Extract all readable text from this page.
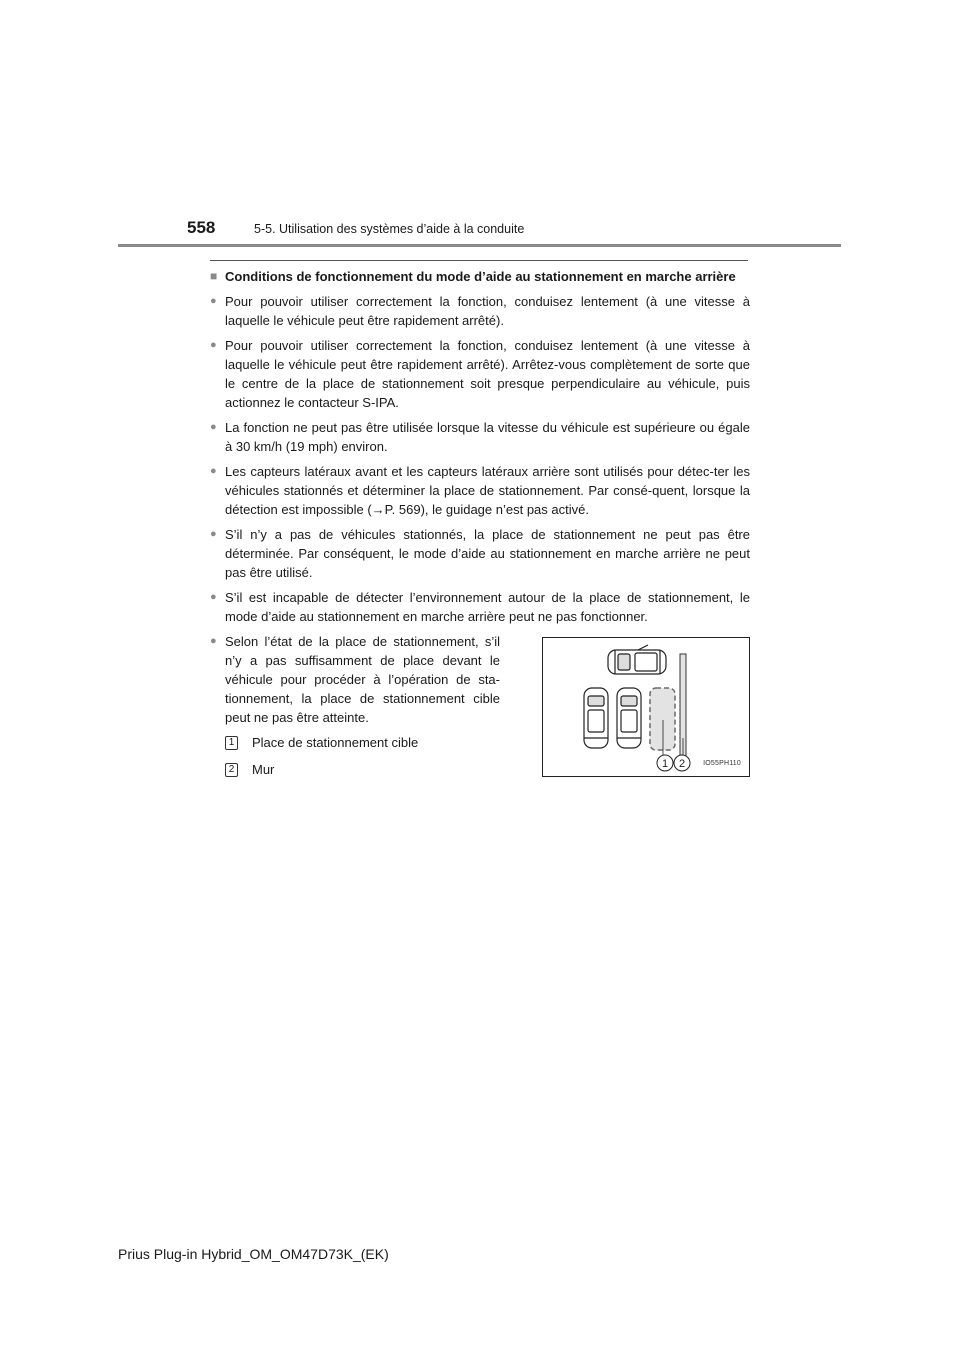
558	5-5. Utilisation des systèmes d’aide à la conduite
■ Conditions de fonctionnement du mode d’aide au stationnement en marche arrière
● Pour pouvoir utiliser correctement la fonction, conduisez lentement (à une vitesse à laquelle le véhicule peut être rapidement arrêté).
● Pour pouvoir utiliser correctement la fonction, conduisez lentement (à une vitesse à laquelle le véhicule peut être rapidement arrêté). Arrêtez-vous complètement de sorte que le centre de la place de stationnement soit presque perpendiculaire au véhicule, puis actionnez le contacteur S-IPA.
● La fonction ne peut pas être utilisée lorsque la vitesse du véhicule est supérieure ou égale à 30 km/h (19 mph) environ.
● Les capteurs latéraux avant et les capteurs latéraux arrière sont utilisés pour détec-ter les véhicules stationnés et déterminer la place de stationnement. Par consé-quent, lorsque la détection est impossible (→P. 569), le guidage n’est pas activé.
● S’il n’y a pas de véhicules stationnés, la place de stationnement ne peut pas être déterminée. Par conséquent, le mode d’aide au stationnement en marche arrière ne peut pas être utilisé.
● S’il est incapable de détecter l’environnement autour de la place de stationnement, le mode d’aide au stationnement en marche arrière peut ne pas fonctionner.
● Selon l’état de la place de stationnement, s’il n’y a pas suffisamment de place devant le véhicule pour procéder à l’opération de sta-tionnement, la place de stationnement cible peut ne pas être atteinte.
1 Place de stationnement cible
2 Mur	1 2	IO55PH110
Prius Plug-in Hybrid_OM_OM47D73K_(EK)
